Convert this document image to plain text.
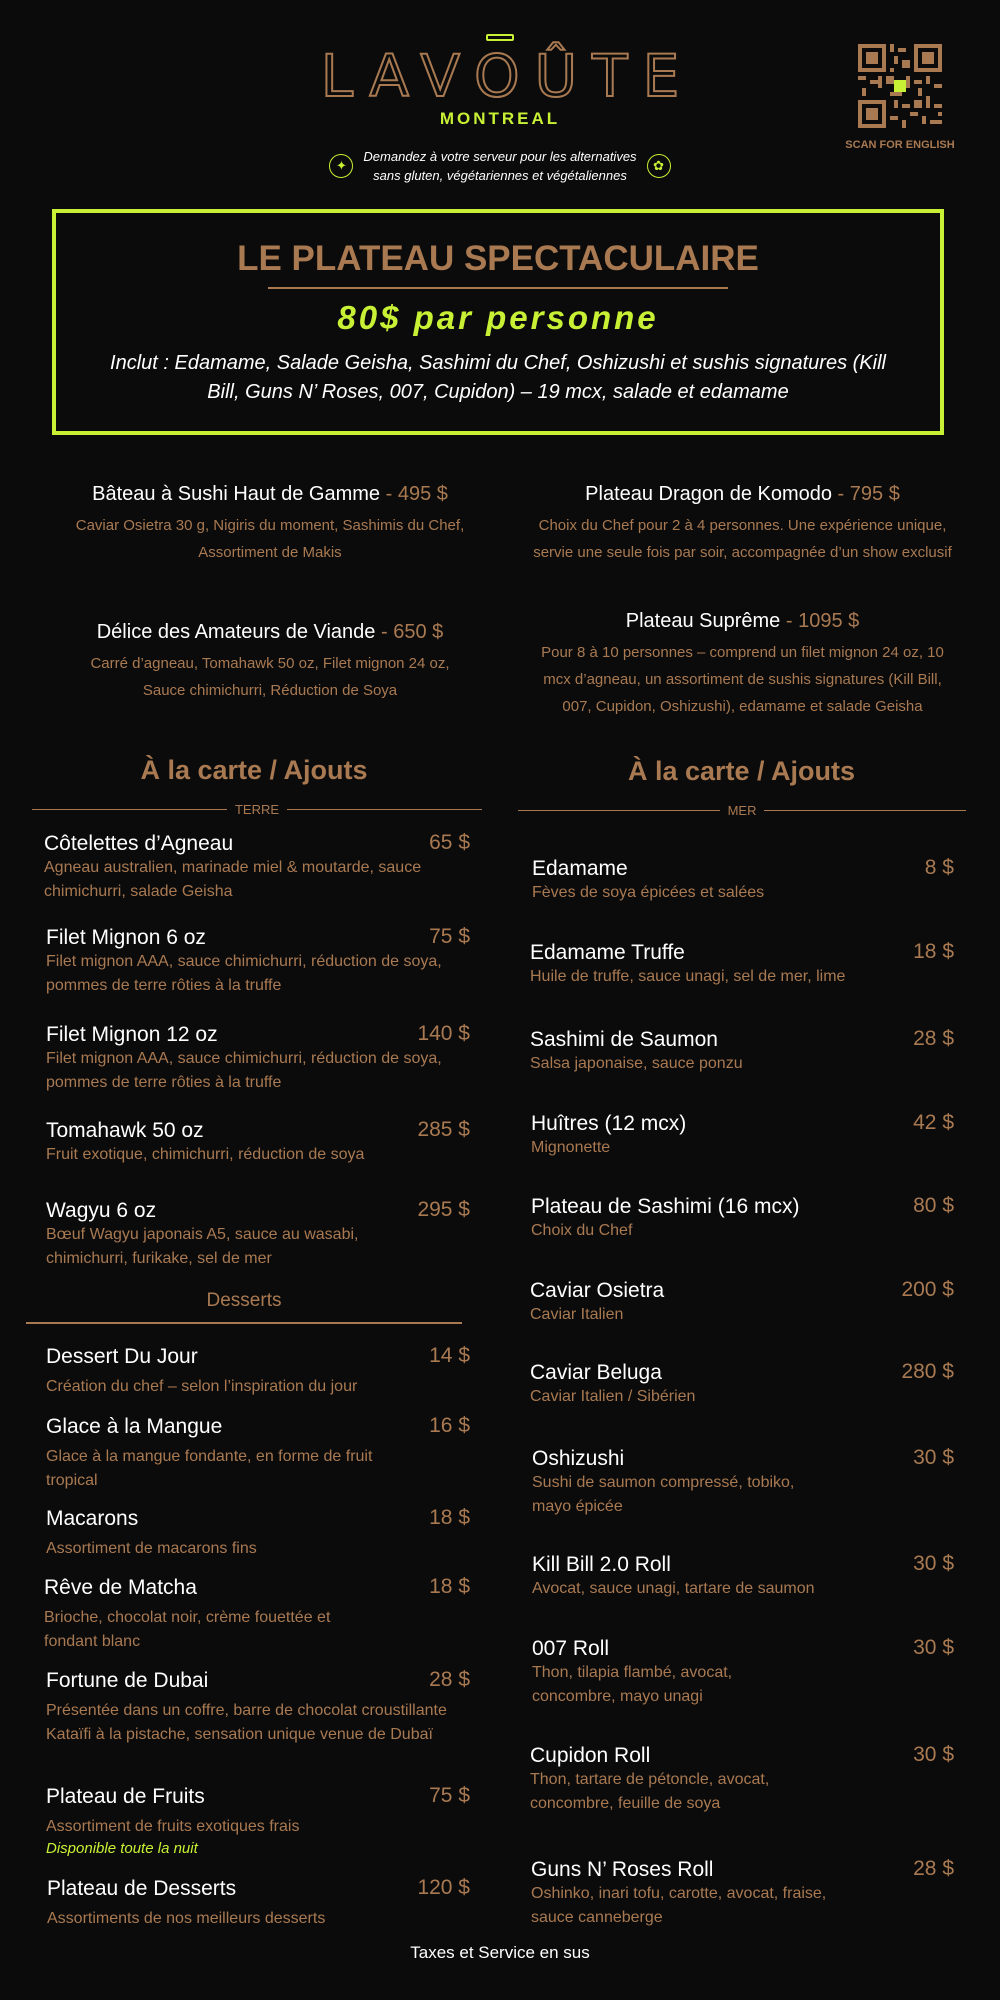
LAVOÛTE
MONTREAL
SCAN FOR ENGLISH
✦
Demandez à votre serveur pour les alternatives
sans gluten, végétariennes et végétaliennes
✿
LE PLATEAU SPECTACULAIRE
80$ par personne
Inclut : Edamame, Salade Geisha, Sashimi du Chef, Oshizushi et sushis signatures (Kill Bill, Guns N’ Roses, 007, Cupidon) – 19 mcx, salade et edamame
Bâteau à Sushi Haut de Gamme - 495 $
Caviar Osietra 30 g, Nigiris du moment, Sashimis du Chef, Assortiment de Makis
Délice des Amateurs de Viande - 650 $
Carré d’agneau, Tomahawk 50 oz, Filet mignon 24 oz, Sauce chimichurri, Réduction de Soya
Plateau Dragon de Komodo - 795 $
Choix du Chef pour 2 à 4 personnes. Une expérience unique, servie une seule fois par soir, accompagnée d’un show exclusif
Plateau Suprême - 1095 $
Pour 8 à 10 personnes – comprend un filet mignon 24 oz, 10 mcx d’agneau, un assortiment de sushis signatures (Kill Bill, 007, Cupidon, Oshizushi), edamame et salade Geisha
À la carte / Ajouts
TERRE
Côtelettes d’Agneau	65 $
Agneau australien, marinade miel & moutarde, sauce chimichurri, salade Geisha
Filet Mignon 6 oz	75 $
Filet mignon AAA, sauce chimichurri, réduction de soya, pommes de terre rôties à la truffe
Filet Mignon 12 oz	140 $
Filet mignon AAA, sauce chimichurri, réduction de soya, pommes de terre rôties à la truffe
Tomahawk 50 oz	285 $
Fruit exotique, chimichurri, réduction de soya
Wagyu 6 oz	295 $
Bœuf Wagyu japonais A5, sauce au wasabi, chimichurri, furikake, sel de mer
Desserts
Dessert Du Jour	14 $
Création du chef – selon l’inspiration du jour
Glace à la Mangue	16 $
Glace à la mangue fondante, en forme de fruit tropical
Macarons	18 $
Assortiment de macarons fins
Rêve de Matcha	18 $
Brioche, chocolat noir, crème fouettée et fondant blanc
Fortune de Dubai	28 $
Présentée dans un coffre, barre de chocolat croustillante Kataïfi à la pistache, sensation unique venue de Dubaï
Plateau de Fruits	75 $
Assortiment de fruits exotiques frais
Disponible toute la nuit
Plateau de Desserts	120 $
Assortiments de nos meilleurs desserts
À la carte / Ajouts
MER
Edamame	8 $
Fèves de soya épicées et salées
Edamame Truffe	18 $
Huile de truffe, sauce unagi, sel de mer, lime
Sashimi de Saumon	28 $
Salsa japonaise, sauce ponzu
Huîtres (12 mcx)	42 $
Mignonette
Plateau de Sashimi (16 mcx)	80 $
Choix du Chef
Caviar Osietra	200 $
Caviar Italien
Caviar Beluga	280 $
Caviar Italien / Sibérien
Oshizushi	30 $
Sushi de saumon compressé, tobiko, mayo épicée
Kill Bill 2.0 Roll	30 $
Avocat, sauce unagi, tartare de saumon
007 Roll	30 $
Thon, tilapia flambé, avocat, concombre, mayo unagi
Cupidon Roll	30 $
Thon, tartare de pétoncle, avocat, concombre, feuille de soya
Guns N’ Roses Roll	28 $
Oshinko, inari tofu, carotte, avocat, fraise, sauce canneberge
Taxes et Service en sus
